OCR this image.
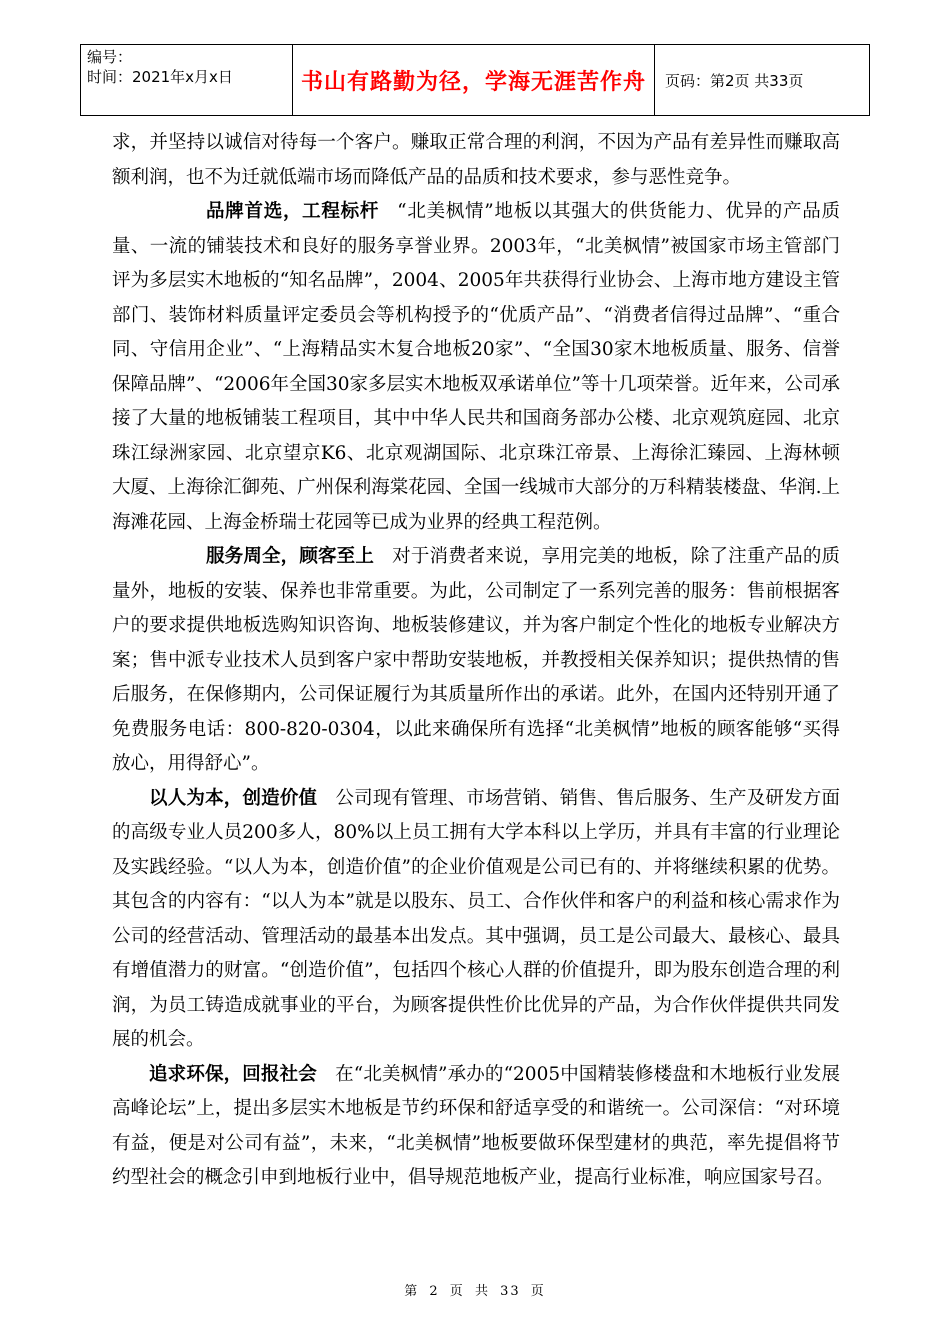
编号：
时间：2021年x月x日	书山有路勤为径，学海无涯苦作舟	页码：第2页 共33页

求，并坚持以诚信对待每一个客户。赚取正常合理的利润，不因为产品有差异性而赚取高额利润，也不为迁就低端市场而降低产品的品质和技术要求，参与恶性竞争。

品牌首选，工程标杆 “北美枫情”地板以其强大的供货能力、优异的产品质量、一流的铺装技术和良好的服务享誉业界。2003年，“北美枫情”被国家市场主管部门评为多层实木地板的“知名品牌”，2004、2005年共获得行业协会、上海市地方建设主管部门、装饰材料质量评定委员会等机构授予的“优质产品”、“消费者信得过品牌”、“重合同、守信用企业”、“上海精品实木复合地板20家”、“全国30家木地板质量、服务、信誉保障品牌”、“2006年全国30家多层实木地板双承诺单位”等十几项荣誉。近年来，公司承接了大量的地板铺装工程项目，其中中华人民共和国商务部办公楼、北京观筑庭园、北京珠江绿洲家园、北京望京K6、北京观湖国际、北京珠江帝景、上海徐汇臻园、上海林顿大厦、上海徐汇御苑、广州保利海棠花园、全国一线城市大部分的万科精装楼盘、华润.上海滩花园、上海金桥瑞士花园等已成为业界的经典工程范例。

服务周全，顾客至上 对于消费者来说，享用完美的地板，除了注重产品的质量外，地板的安装、保养也非常重要。为此，公司制定了一系列完善的服务：售前根据客户的要求提供地板选购知识咨询、地板装修建议，并为客户制定个性化的地板专业解决方案；售中派专业技术人员到客户家中帮助安装地板，并教授相关保养知识；提供热情的售后服务，在保修期内，公司保证履行为其质量所作出的承诺。此外，在国内还特别开通了免费服务电话：800-820-0304，以此来确保所有选择“北美枫情”地板的顾客能够“买得放心，用得舒心”。

以人为本，创造价值 公司现有管理、市场营销、销售、售后服务、生产及研发方面的高级专业人员200多人，80%以上员工拥有大学本科以上学历，并具有丰富的行业理论及实践经验。“以人为本，创造价值”的企业价值观是公司已有的、并将继续积累的优势。其包含的内容有：“以人为本”就是以股东、员工、合作伙伴和客户的利益和核心需求作为公司的经营活动、管理活动的最基本出发点。其中强调，员工是公司最大、最核心、最具有增值潜力的财富。“创造价值”，包括四个核心人群的价值提升，即为股东创造合理的利润，为员工铸造成就事业的平台，为顾客提供性价比优异的产品，为合作伙伴提供共同发展的机会。

追求环保，回报社会 在“北美枫情”承办的“2005中国精装修楼盘和木地板行业发展高峰论坛”上，提出多层实木地板是节约环保和舒适享受的和谐统一。公司深信：“对环境有益，便是对公司有益”，未来，“北美枫情”地板要做环保型建材的典范，率先提倡将节约型社会的概念引申到地板行业中，倡导规范地板产业，提高行业标准，响应国家号召。

第 2 页 共 33 页
